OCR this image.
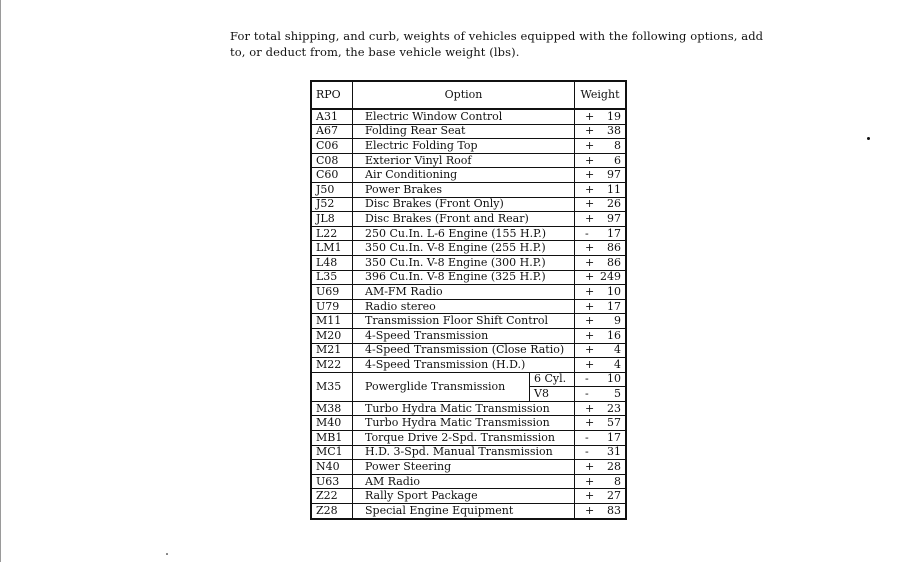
For total shipping, and curb, weights of vehicles equipped with the following options, add
to, or deduct from, the base vehicle weight (lbs).
RPO	Option		Weight
A31	Electric Window Control		+ 19

A67	Folding Rear Seat		+ 38

C06	Electric Folding Top		+ 8

C08	Exterior Vinyl Roof		+ 6

C60	Air Conditioning		+ 97

J50	Power Brakes		+ 11

J52	Disc Brakes (Front Only)		+ 26

JL8	Disc Brakes (Front and Rear)		+ 97

L22	250 Cu.In. L-6 Engine (155 H.P.)		- 17

LM1	350 Cu.In. V-8 Engine (255 H.P.)		+ 86

L48	350 Cu.In. V-8 Engine (300 H.P.)		+ 86

L35	396 Cu.In. V-8 Engine (325 H.P.)		+ 249

U69	AM-FM Radio		+ 10

U79	Radio stereo		+ 17

M11	Transmission Floor Shift Control		+ 9

M20	4-Speed Transmission		+ 16

M21	4-Speed Transmission (Close Ratio)		+ 4

M22	4-Speed Transmission (H.D.)		+ 4

M35	Powerglide Transmission	6 Cyl.	- 10

		V8	- 5

M38	Turbo Hydra Matic Transmission		+ 23

M40	Turbo Hydra Matic Transmission		+ 57

MB1	Torque Drive 2-Spd. Transmission		- 17

MC1	H.D. 3-Spd. Manual Transmission		- 31

N40	Power Steering		+ 28

U63	AM Radio		+ 8

Z22	Rally Sport Package		+ 27

Z28	Special Engine Equipment		+ 83
